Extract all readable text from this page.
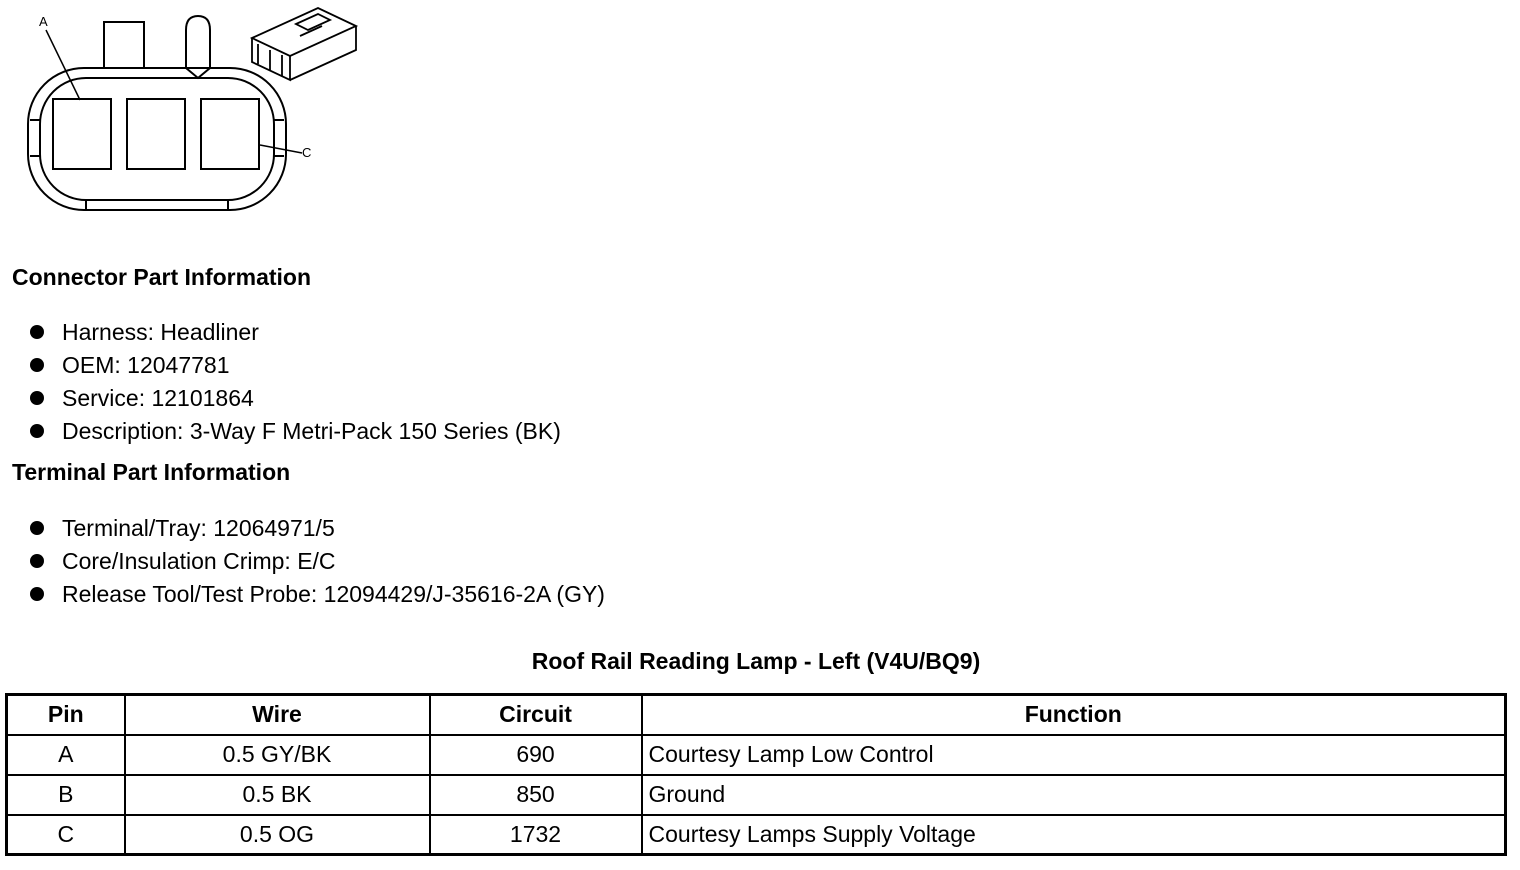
A
C
Connector Part Information
Harness: Headliner
OEM: 12047781
Service: 12101864
Description: 3-Way F Metri-Pack 150 Series (BK)
Terminal Part Information
Terminal/Tray: 12064971/5
Core/Insulation Crimp: E/C
Release Tool/Test Probe: 12094429/J-35616-2A (GY)
Roof Rail Reading Lamp - Left (V4U/BQ9)
Pin	Wire	Circuit	Function
A	0.5 GY/BK	690	Courtesy Lamp Low Control
B	0.5 BK	850	Ground
C	0.5 OG	1732	Courtesy Lamps Supply Voltage
